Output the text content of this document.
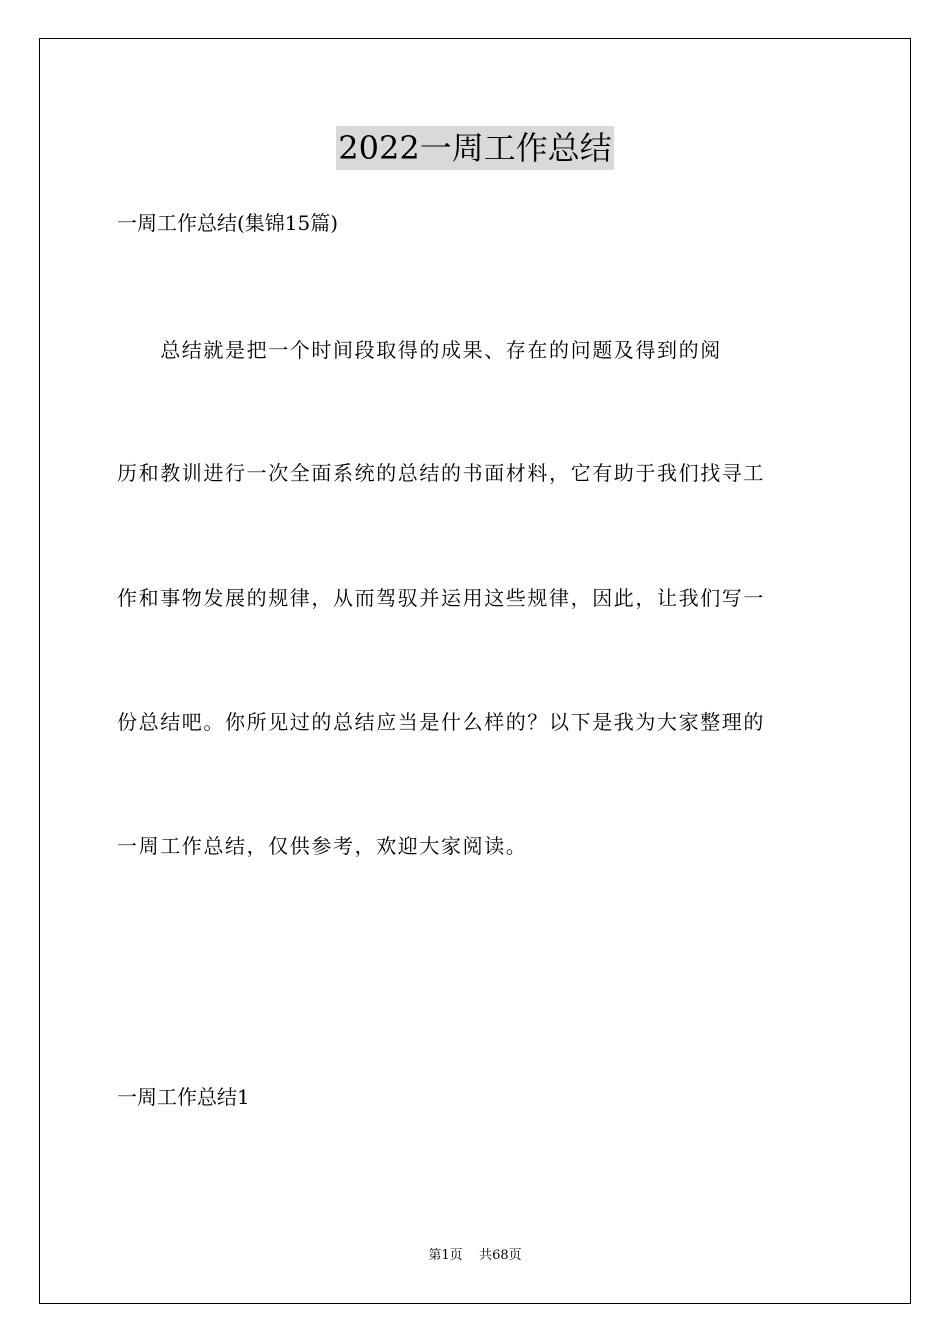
2022一周工作总结
一周工作总结(集锦15篇)
　　总结就是把一个时间段取得的成果、存在的问题及得到的阅
历和教训进行一次全面系统的总结的书面材料，它有助于我们找寻工
作和事物发展的规律，从而驾驭并运用这些规律，因此，让我们写一
份总结吧。你所见过的总结应当是什么样的？以下是我为大家整理的
一周工作总结，仅供参考，欢迎大家阅读。
一周工作总结1
第1页 共68页
